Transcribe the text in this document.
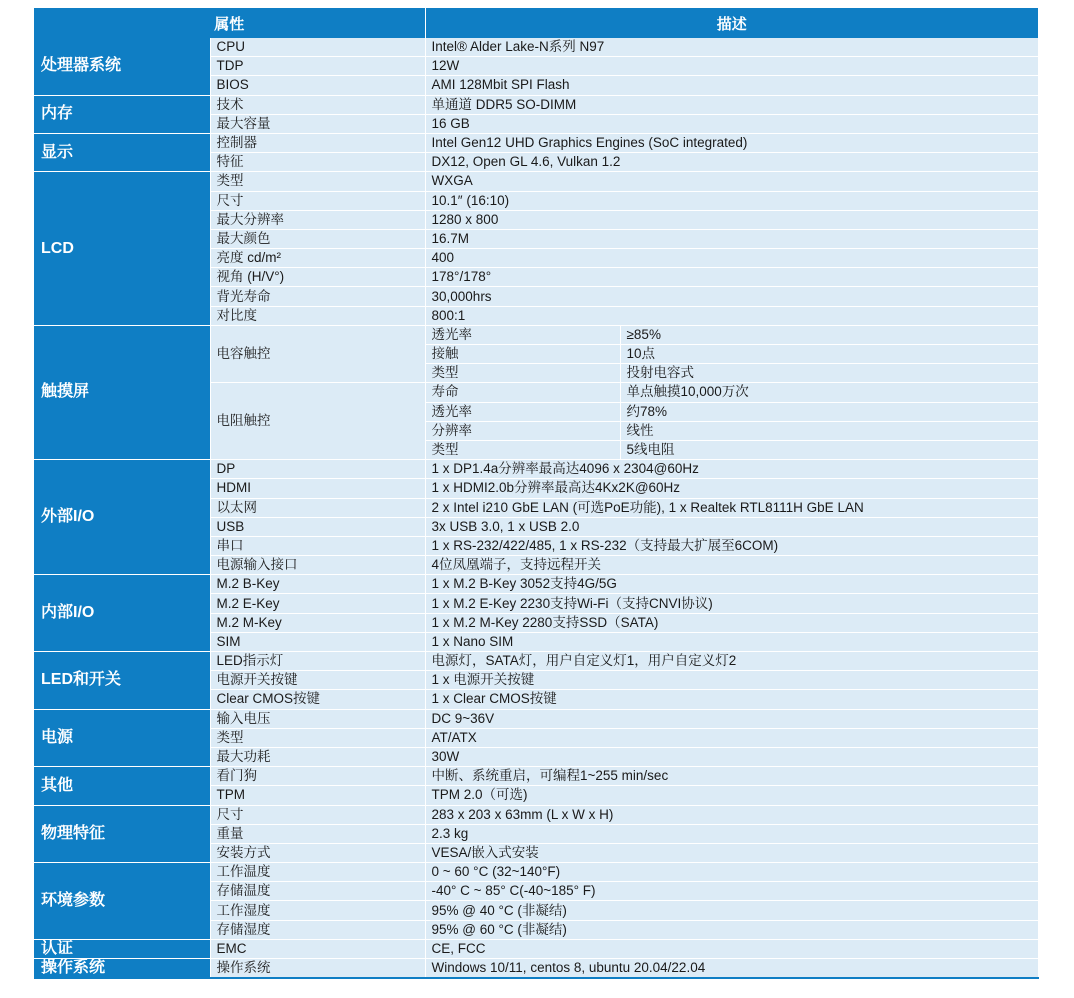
属性		描述	
处理器系统	CPU	Intel® Alder Lake-N系列 N97	
	TDP	12W	
	BIOS	AMI 128Mbit SPI Flash	
内存	技术	单通道 DDR5 SO-DIMM	
	最大容量	16 GB	
显示	控制器	Intel Gen12 UHD Graphics Engines (SoC integrated)	
	特征	DX12, Open GL 4.6, Vulkan 1.2	
LCD	类型	WXGA	
	尺寸	10.1″ (16:10)	
	最大分辨率	1280 x 800	
	最大颜色	16.7M	
	亮度 cd/m²	400	
	视角 (H/V°)	178°/178°	
	背光寿命	30,000hrs	
	对比度	800:1	
触摸屏	电容触控	透光率	≥85%
		接触	10点
		类型	投射电容式
	电阻触控	寿命	单点触摸10,000万次
		透光率	约78%
		分辨率	线性
		类型	5线电阻
外部I/O	DP	1 x DP1.4a分辨率最高达4096 x 2304@60Hz	
	HDMI	1 x HDMI2.0b分辨率最高达4Kx2K@60Hz	
	以太网	2 x Intel i210 GbE LAN (可选PoE功能), 1 x Realtek RTL8111H GbE LAN	
	USB	3x USB 3.0, 1 x USB 2.0	
	串口	1 x RS-232/422/485, 1 x RS-232（支持最大扩展至6COM)	
	电源输入接口	4位凤凰端子，支持远程开关	
内部I/O	M.2 B-Key	1 x M.2 B-Key 3052支持4G/5G	
	M.2 E-Key	1 x M.2 E-Key 2230支持Wi-Fi（支持CNVI协议)	
	M.2 M-Key	1 x M.2 M-Key 2280支持SSD（SATA)	
	SIM	1 x Nano SIM	
LED和开关	LED指示灯	电源灯，SATA灯，用户自定义灯1，用户自定义灯2	
	电源开关按键	1 x 电源开关按键	
	Clear CMOS按键	1 x Clear CMOS按键	
电源	输入电压	DC 9~36V	
	类型	AT/ATX	
	最大功耗	30W	
其他	看门狗	中断、系统重启，可编程1~255 min/sec	
	TPM	TPM 2.0（可选)	
物理特征	尺寸	283 x 203 x 63mm (L x W x H)	
	重量	2.3 kg	
	安装方式	VESA/嵌入式安装	
环境参数	工作温度	0 ~ 60 °C (32~140°F)	
	存储温度	-40° C ~ 85° C(-40~185° F)	
	工作湿度	95% @ 40 °C (非凝结)	
	存储湿度	95% @ 60 °C (非凝结)	
认证	EMC	CE, FCC	
操作系统	操作系统	Windows 10/11, centos 8, ubuntu 20.04/22.04	
